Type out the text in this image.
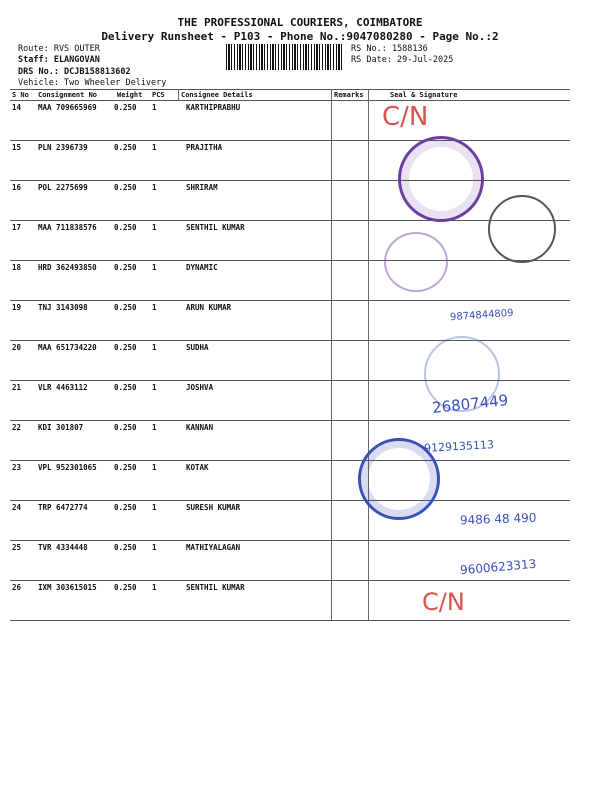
THE PROFESSIONAL COURIERS, COIMBATORE
Delivery Runsheet - P103 - Phone No.:9047080280 - Page No.:2
Route: RVS OUTER
Staff: ELANGOVAN
DRS No.: DCJB158813602
Vehicle: Two Wheeler Delivery
RS No.: 1588136
RS Date: 29-Jul-2025
S No Consignment No	Weight PCS Consignee Details	Remarks	Seal & Signature
14 MAA 709665969 0.250 1	KARTHIPRABHU
15 PLN 2396739	0.250 1	PRAJITHA
16 POL 2275699	0.250 1	SHRIRAM
17 MAA 711838576 0.250 1	SENTHIL KUMAR
18 HRD 362493850 0.250 1	DYNAMIC
19 TNJ 3143098	0.250 1	ARUN KUMAR
20 MAA 651734220 0.250 1	SUDHA
21 VLR 4463112	0.250 1	JOSHVA
22 KDI 301807	0.250 1	KANNAN
23 VPL 952301065 0.250 1	KOTAK
24 TRP 6472774	0.250 1	SURESH KUMAR
25 TVR 4334448	0.250 1	MATHIYALAGAN
26 IXM 303615015 0.250 1	SENTHIL KUMAR
C/N
9874844809
26807449
9129135113
9486 48 490
9600623313
C/N
